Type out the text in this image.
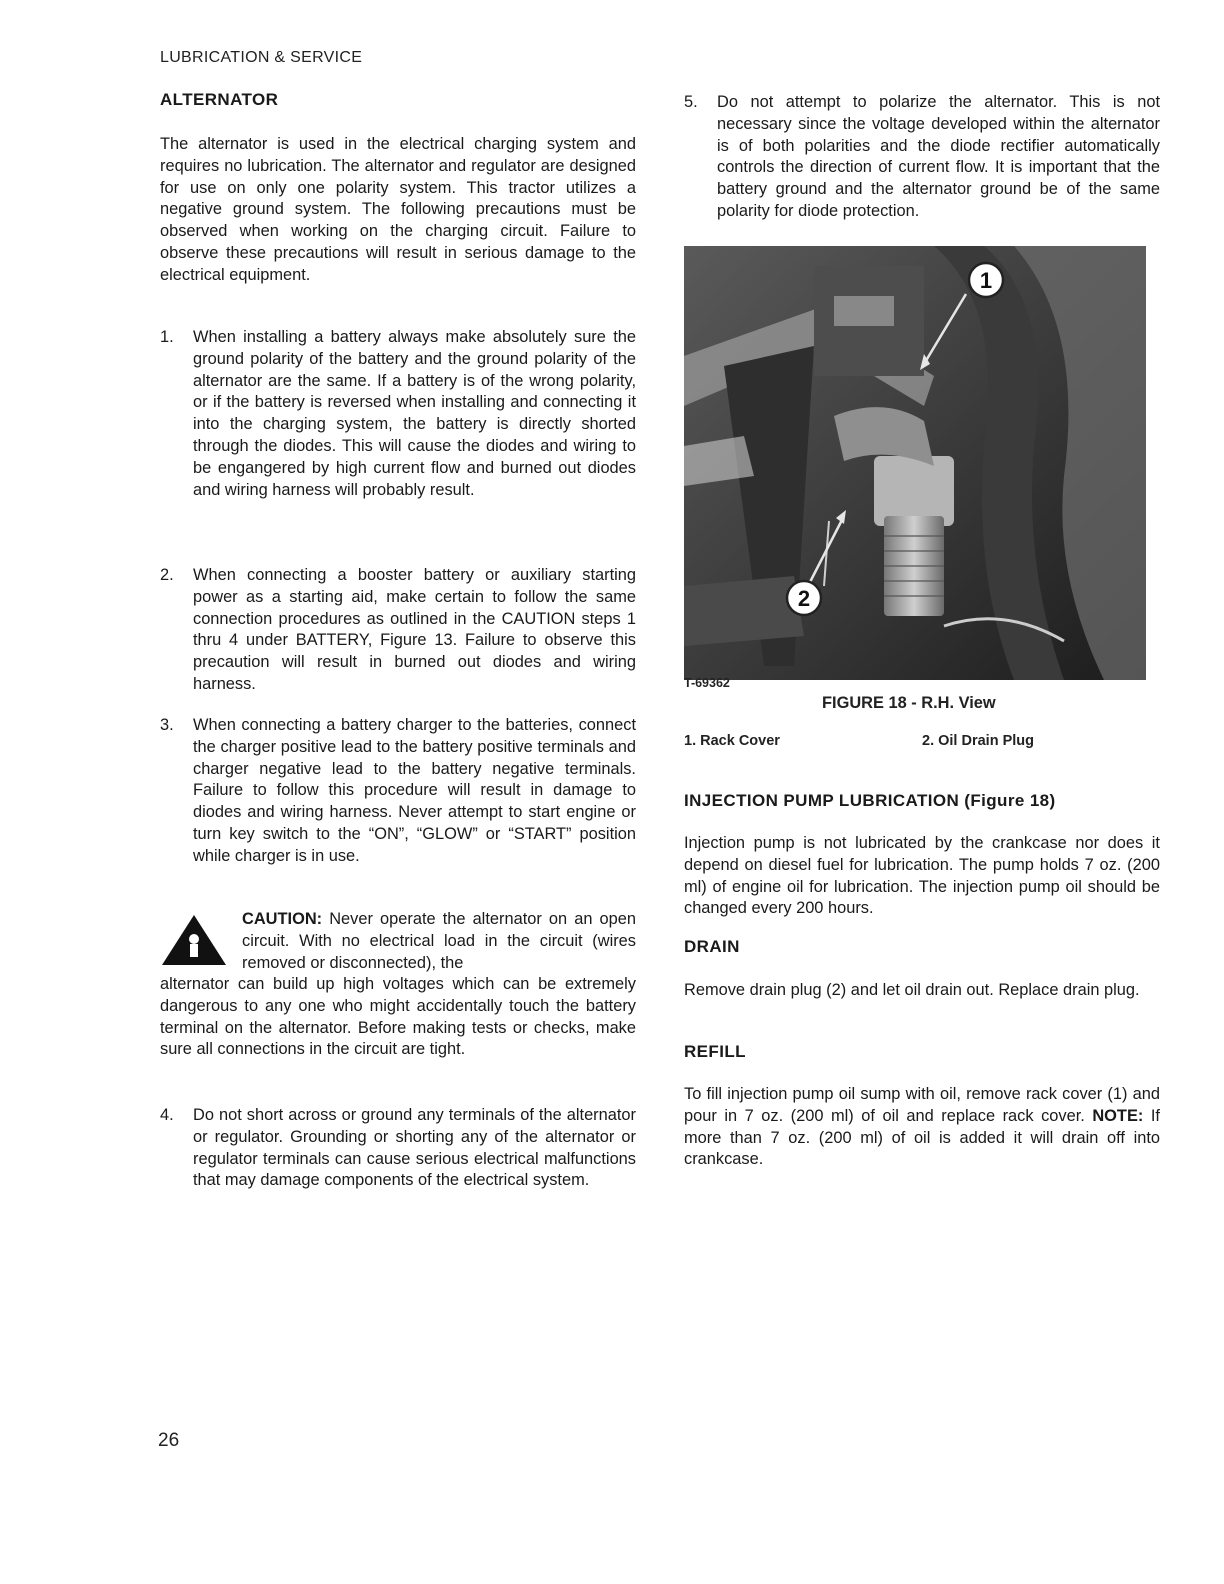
LUBRICATION & SERVICE
ALTERNATOR

The alternator is used in the electrical charging system and requires no lubrication. The alternator and regulator are designed for use on only one polarity system. This tractor utilizes a negative ground system. The following precautions must be observed when working on the charging circuit. Failure to observe these precautions will result in serious damage to the electrical equipment.

1.	When installing a battery always make absolutely sure the ground polarity of the battery and the ground polarity of the alternator are the same. If a battery is of the wrong polarity, or if the battery is reversed when installing and connecting it into the charging system, the battery is directly shorted through the diodes. This will cause the diodes and wiring to be engangered by high current flow and burned out diodes and wiring harness will probably result.
2.	When connecting a booster battery or auxiliary starting power as a starting aid, make certain to follow the same connection procedures as outlined in the CAUTION steps 1 thru 4 under BATTERY, Figure 13. Failure to observe this precaution will result in burned out diodes and wiring harness.
3.	When connecting a battery charger to the batteries, connect the charger positive lead to the battery positive terminals and charger negative lead to the battery negative terminals. Failure to follow this procedure will result in damage to diodes and wiring harness. Never attempt to start engine or turn key switch to the “ON”, “GLOW” or “START” position while charger is in use.
CAUTION: Never operate the alternator on an open circuit. With no electrical load in the circuit (wires removed or disconnected), the
alternator can build up high voltages which can be extremely dangerous to any one who might accidentally touch the battery terminal on the alternator. Before making tests or checks, make sure all connections in the circuit are tight.
4.	Do not short across or ground any terminals of the alternator or regulator. Grounding or shorting any of the alternator or regulator terminals can cause serious electrical malfunctions that may damage components of the electrical system.
5.	Do not attempt to polarize the alternator. This is not necessary since the voltage developed within the alternator is of both polarities and the diode rectifier automatically controls the direction of current flow. It is important that the battery ground and the alternator ground be of the same polarity for diode protection.
1
2
T-69362
FIGURE 18 - R.H. View
1. Rack Cover	2. Oil Drain Plug
INJECTION PUMP LUBRICATION (Figure 18)

Injection pump is not lubricated by the crankcase nor does it depend on diesel fuel for lubrication. The pump holds 7 oz. (200 ml) of engine oil for lubrication. The injection pump oil should be changed every 200 hours.

DRAIN

Remove drain plug (2) and let oil drain out. Replace drain plug.

REFILL

To fill injection pump oil sump with oil, remove rack cover (1) and pour in 7 oz. (200 ml) of oil and replace rack cover. NOTE: If more than 7 oz. (200 ml) of oil is added it will drain off into crankcase.

26
